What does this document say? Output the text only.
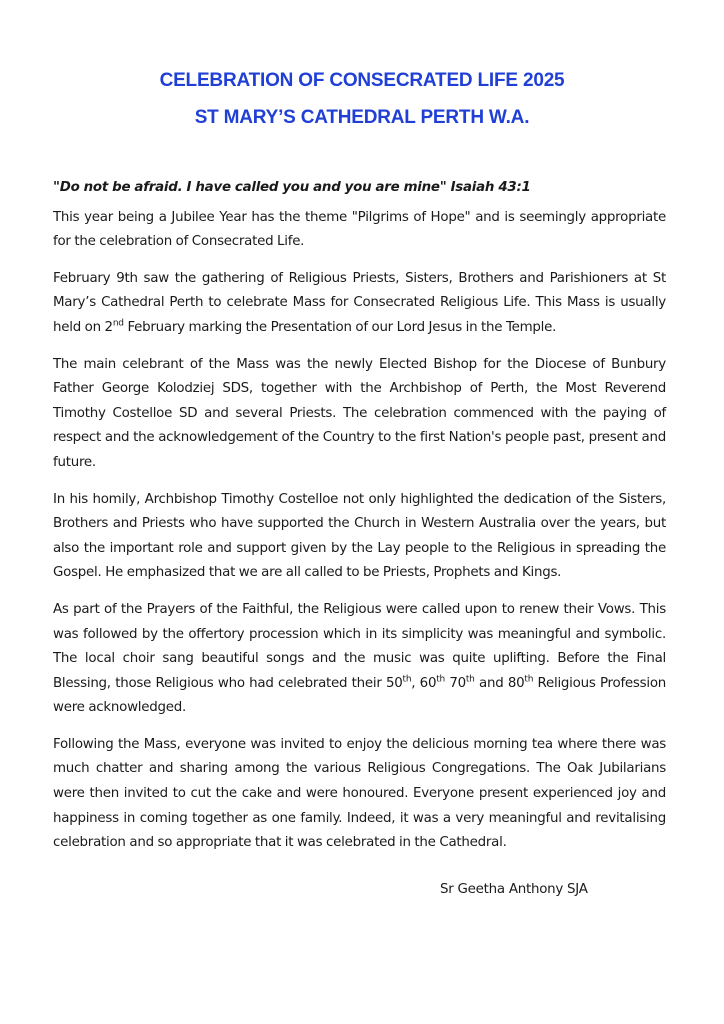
CELEBRATION OF CONSECRATED LIFE 2025
ST MARY’S CATHEDRAL PERTH W.A.

"Do not be afraid. I have called you and you are mine" Isaiah 43:1

This year being a Jubilee Year has the theme "Pilgrims of Hope" and is seemingly appropriate for the celebration of Consecrated Life.

February 9th saw the gathering of Religious Priests, Sisters, Brothers and Parishioners at St Mary’s Cathedral Perth to celebrate Mass for Consecrated Religious Life. This Mass is usually held on 2nd February marking the Presentation of our Lord Jesus in the Temple.

The main celebrant of the Mass was the newly Elected Bishop for the Diocese of Bunbury Father George Kolodziej SDS, together with the Archbishop of Perth, the Most Reverend Timothy Costelloe SD and several Priests. The celebration commenced with the paying of respect and the acknowledgement of the Country to the first Nation's people past, present and future.

In his homily, Archbishop Timothy Costelloe not only highlighted the dedication of the Sisters, Brothers and Priests who have supported the Church in Western Australia over the years, but also the important role and support given by the Lay people to the Religious in spreading the Gospel. He emphasized that we are all called to be Priests, Prophets and Kings.

As part of the Prayers of the Faithful, the Religious were called upon to renew their Vows. This was followed by the offertory procession which in its simplicity was meaningful and symbolic. The local choir sang beautiful songs and the music was quite uplifting. Before the Final Blessing, those Religious who had celebrated their 50th, 60th 70th and 80th Religious Profession were acknowledged.

Following the Mass, everyone was invited to enjoy the delicious morning tea where there was much chatter and sharing among the various Religious Congregations. The Oak Jubilarians were then invited to cut the cake and were honoured. Everyone present experienced joy and happiness in coming together as one family. Indeed, it was a very meaningful and revitalising celebration and so appropriate that it was celebrated in the Cathedral.

Sr Geetha Anthony SJA
